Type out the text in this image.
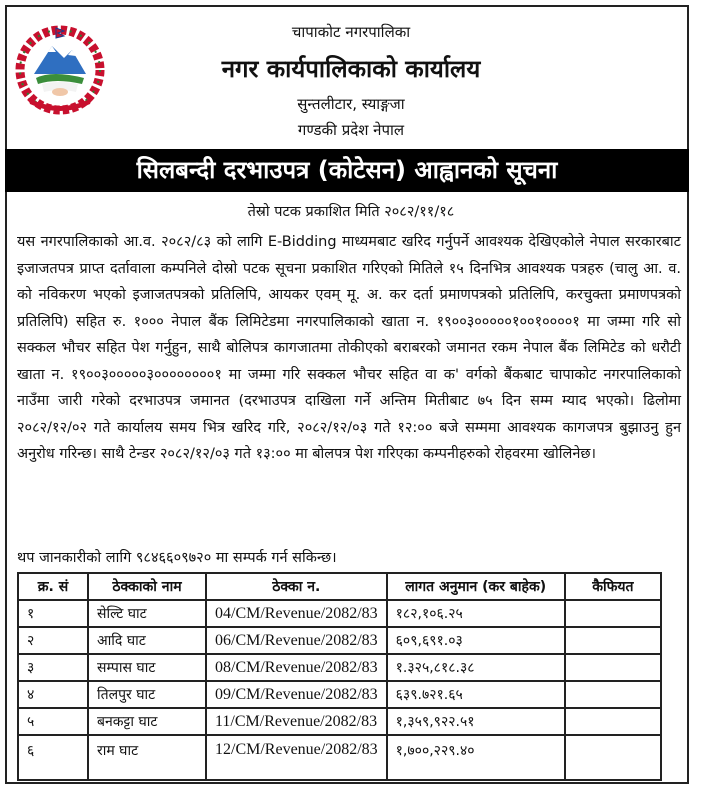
चापाकोट नगरपालिका
नगर कार्यपालिकाको कार्यालय
सुन्तलीटार, स्याङ्गजा
गण्डकी प्रदेश नेपाल
सिलबन्दी दरभाउपत्र (कोटेसन) आह्वानको सूचना
तेस्रो पटक प्रकाशित मिति २०८२/११/१८
यस नगरपालिकाको आ.व. २०८२/८३ को लागि E-Bidding माध्यमबाट खरिद गर्नुपर्ने आवश्यक देखिएकोले नेपाल सरकारबाट इजाजतपत्र प्राप्त दर्तावाला कम्पनिले दोस्रो पटक सूचना प्रकाशित गरिएको मितिले १५ दिनभित्र आवश्यक पत्रहरु (चालु आ. व. को नविकरण भएको इजाजतपत्रको प्रतिलिपि, आयकर एवम् मू. अ. कर दर्ता प्रमाणपत्रको प्रतिलिपि, करचुक्ता प्रमाणपत्रको प्रतिलिपि) सहित रु. १००० नेपाल बैंक लिमिटेडमा नगरपालिकाको खाता न. १९००३०००००१००१००००१ मा जम्मा गरि सो सक्कल भौचर सहित पेश गर्नुहुन, साथै बोलिपत्र कागजातमा तोकीएको बराबरको जमानत रकम नेपाल बैंक लिमिटेड को धरौटी खाता न. १९००३०००००३००००००००१ मा जम्मा गरि सक्कल भौचर सहित वा क' वर्गको बैंकबाट चापाकोट नगरपालिकाको नाउँमा जारी गरेको दरभाउपत्र जमानत (दरभाउपत्र दाखिला गर्ने अन्तिम मितीबाट ७५ दिन सम्म म्याद भएको। ढिलोमा २०८२/१२/०२ गते कार्यालय समय भित्र खरिद गरि, २०८२/१२/०३ गते १२:०० बजे सम्ममा आवश्यक कागजपत्र बुझाउनु हुन अनुरोध गरिन्छ। साथै टेन्डर २०८२/१२/०३ गते १३:०० मा बोलपत्र पेश गरिएका कम्पनीहरुको रोहवरमा खोलिनेछ।
थप जानकारीको लागि ९८४६६०९७२० मा सम्पर्क गर्न सकिन्छ।
क्र. सं	ठेक्काको नाम	ठेक्का न.	लागत अनुमान (कर बाहेक)	कैफियत
१	सेल्टि घाट	04/CM/Revenue/2082/83	१८२,१०६.२५	
२	आदि घाट	06/CM/Revenue/2082/83	६०९,६९१.०३	
३	सम्पास घाट	08/CM/Revenue/2082/83	१.३२५,८१८.३८	
४	तिलपुर घाट	09/CM/Revenue/2082/83	६३९.७२१.६५	
५	बनकट्टा घाट	11/CM/Revenue/2082/83	१,३५९,९२२.५१	
६	राम घाट	12/CM/Revenue/2082/83	१,७००,२२९.४०	
